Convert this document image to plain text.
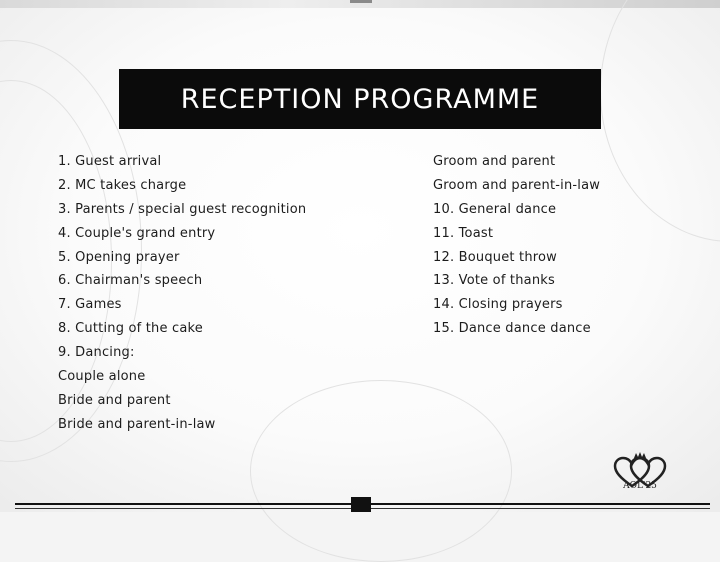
RECEPTION PROGRAMME
1. Guest arrival
2. MC takes charge
3. Parents / special guest recognition
4. Couple's grand entry
5. Opening prayer
6. Chairman's speech
7. Games
8. Cutting of the cake
9. Dancing:
Couple alone
Bride and parent
Bride and parent-in-law
Groom and parent
Groom and parent-in-law
10. General dance
11. Toast
12. Bouquet throw
13. Vote of thanks
14. Closing prayers
15. Dance dance dance
AOL'25
